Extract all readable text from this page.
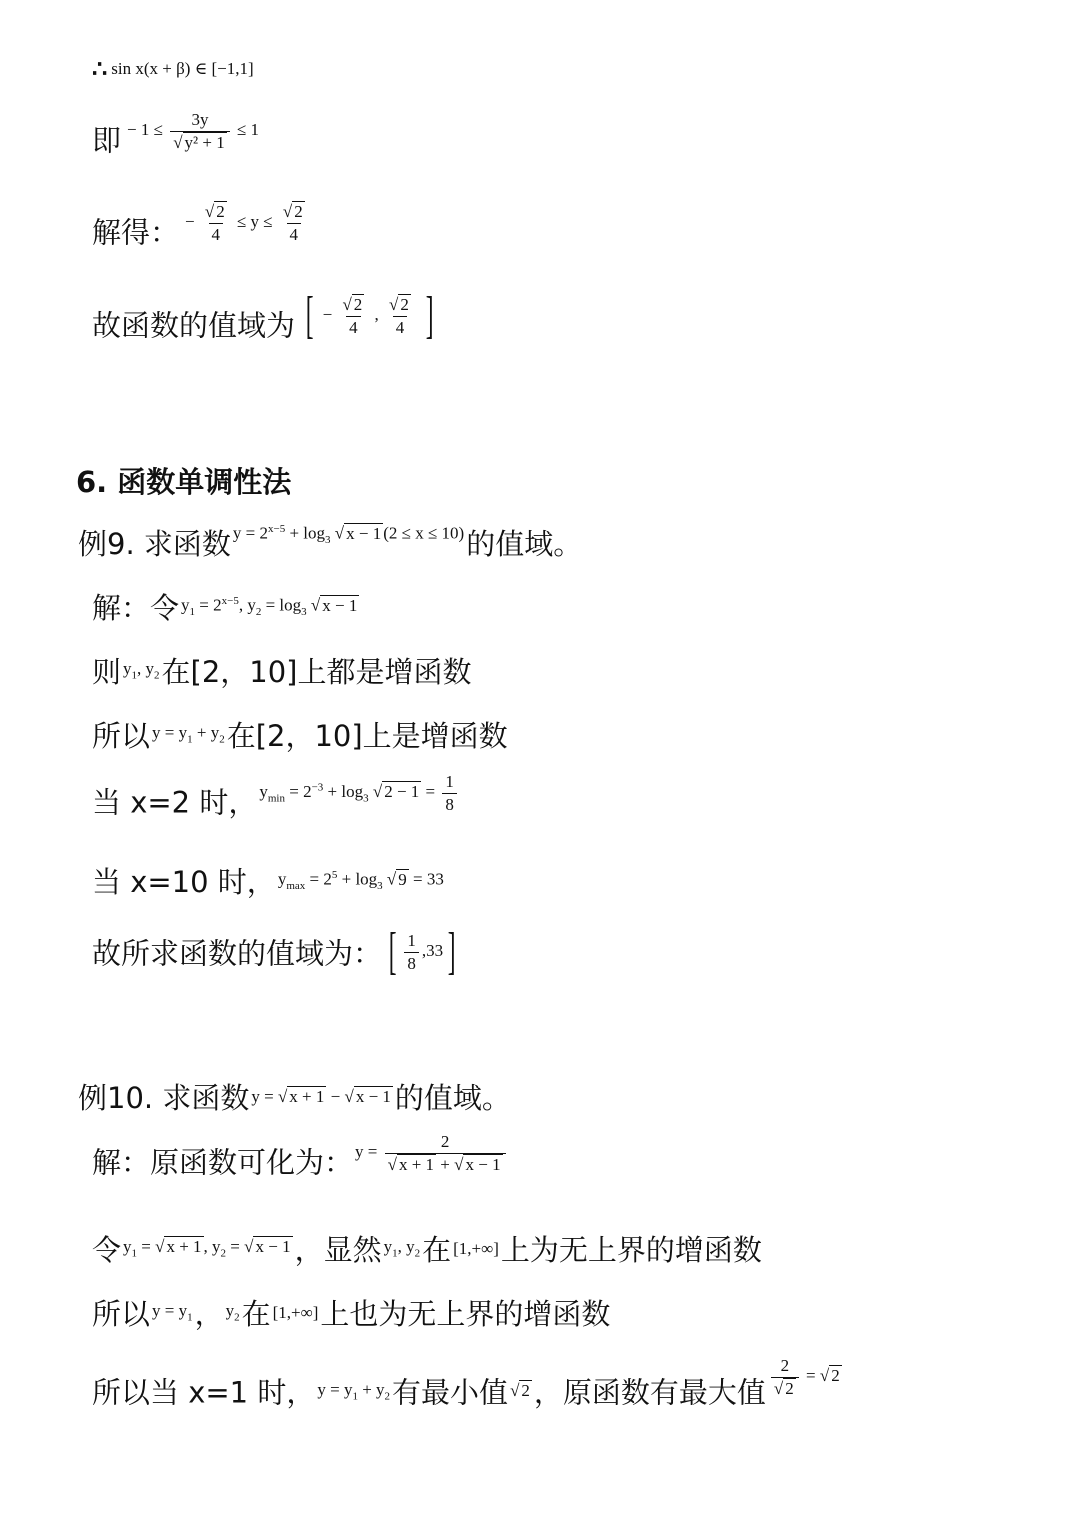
∴ sin x(x + β) ∈ [−1,1]
即 − $1 \le \frac{3y}{\text{√ y² + 1}} \le 1$
解得： − $\frac{√ 2}{4} \le y \le \frac{√ 2}{4}$
故函数的值域为 [ − $\frac{√ 2}{4}$ , $\frac{√ 2}{4}$ ]
6. 函数单调性法
例9. 求函数 $y = 2^{x-5} + \log_3$ √ x − 1 (2 ≤ x ≤ 10)的值域。
解：令 $y_1 = 2^{x-5}$, $y_2 = \log_3$ √ x − 1
则 $y_1$, $y_2$在[2，10]上都是增函数
所以 $y = y_1 + y_2$在[2，10]上是增函数
当 x=2 时， $y_{min} = 2^{-3} + \log_3$ √ $2 - 1 = \frac{1}{8}$
当 x=10 时， $y_{max} = 2^5 + \log_3$ √ 9 = 33
故所求函数的值域为： [ $\frac{1}{8} ,33$]
例10. 求函数 y = √ x + 1 − √ x − 1 的值域。
解：原函数可化为： $y = \frac{2}{√ x + 1 + √ x - 1}$
令 $y_1$ = √ x + 1 , $y_2$ = √ x − 1 ，显然 $y_1$, $y_2$在 [1,+∞]上为无上界的增函数
所以 $y = y_1$， $y_2$在 [1,+∞]上也为无上界的增函数
所以当 x=1 时， $y = y_1 + y_2$有最小值 √ 2 ，原函数有最大值 $\frac{2}{√ 2}$ = √ 2
